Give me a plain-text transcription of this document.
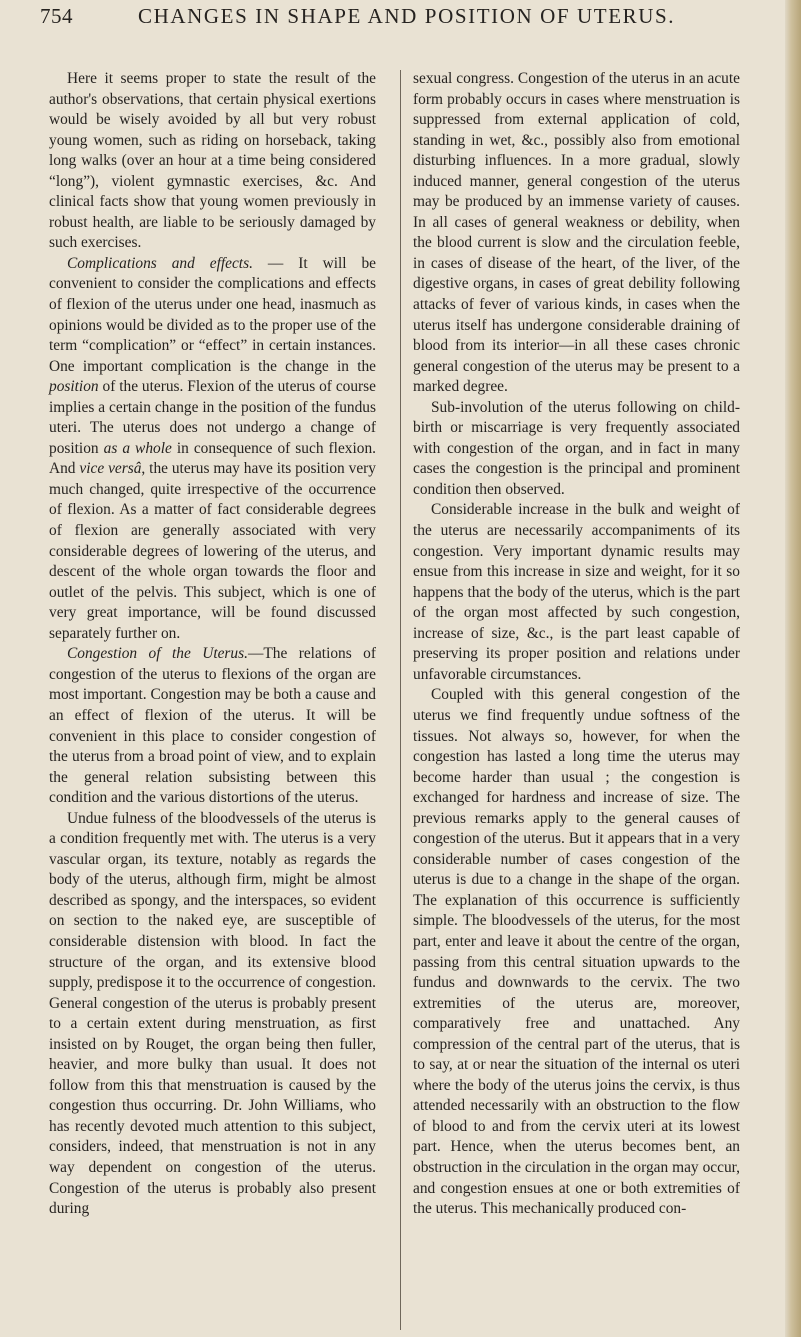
754	CHANGES IN SHAPE AND POSITION OF UTERUS.

Here it seems proper to state the result of the author's observations, that certain physical exertions would be wisely avoided by all but very robust young women, such as riding on horseback, taking long walks (over an hour at a time being considered “long”), violent gymnastic exercises, &c. And clinical facts show that young women previously in robust health, are liable to be seriously damaged by such exercises.

Complications and effects. — It will be convenient to consider the complications and effects of flexion of the uterus under one head, inasmuch as opinions would be divided as to the proper use of the term “complication” or “effect” in certain instances. One important complication is the change in the position of the uterus. Flexion of the uterus of course implies a certain change in the position of the fundus uteri. The uterus does not undergo a change of position as a whole in consequence of such flexion. And vice versâ, the uterus may have its position very much changed, quite irrespective of the occurrence of flexion. As a matter of fact considerable degrees of flexion are generally associated with very considerable degrees of lowering of the uterus, and descent of the whole organ towards the floor and outlet of the pelvis. This subject, which is one of very great importance, will be found discussed separately further on.

Congestion of the Uterus.—The relations of congestion of the uterus to flexions of the organ are most important. Congestion may be both a cause and an effect of flexion of the uterus. It will be convenient in this place to consider congestion of the uterus from a broad point of view, and to explain the general relation subsisting between this condition and the various distortions of the uterus.

Undue fulness of the bloodvessels of the uterus is a condition frequently met with. The uterus is a very vascular organ, its texture, notably as regards the body of the uterus, although firm, might be almost described as spongy, and the interspaces, so evident on section to the naked eye, are susceptible of considerable distension with blood. In fact the structure of the organ, and its extensive blood supply, predispose it to the occurrence of congestion. General congestion of the uterus is probably present to a certain extent during menstruation, as first insisted on by Rouget, the organ being then fuller, heavier, and more bulky than usual. It does not follow from this that menstruation is caused by the congestion thus occurring. Dr. John Williams, who has recently devoted much attention to this subject, considers, indeed, that menstruation is not in any way dependent on congestion of the uterus. Congestion of the uterus is probably also present during

sexual congress. Congestion of the uterus in an acute form probably occurs in cases where menstruation is suppressed from external application of cold, standing in wet, &c., possibly also from emotional disturbing influences. In a more gradual, slowly induced manner, general congestion of the uterus may be produced by an immense variety of causes. In all cases of general weakness or debility, when the blood current is slow and the circulation feeble, in cases of disease of the heart, of the liver, of the digestive organs, in cases of great debility following attacks of fever of various kinds, in cases when the uterus itself has undergone considerable draining of blood from its interior—in all these cases chronic general congestion of the uterus may be present to a marked degree.

Sub-involution of the uterus following on child-birth or miscarriage is very frequently associated with congestion of the organ, and in fact in many cases the congestion is the principal and prominent condition then observed.

Considerable increase in the bulk and weight of the uterus are necessarily accompaniments of its congestion. Very important dynamic results may ensue from this increase in size and weight, for it so happens that the body of the uterus, which is the part of the organ most affected by such congestion, increase of size, &c., is the part least capable of preserving its proper position and relations under unfavorable circumstances.

Coupled with this general congestion of the uterus we find frequently undue softness of the tissues. Not always so, however, for when the congestion has lasted a long time the uterus may become harder than usual ; the congestion is exchanged for hardness and increase of size. The previous remarks apply to the general causes of congestion of the uterus. But it appears that in a very considerable number of cases congestion of the uterus is due to a change in the shape of the organ. The explanation of this occurrence is sufficiently simple. The bloodvessels of the uterus, for the most part, enter and leave it about the centre of the organ, passing from this central situation upwards to the fundus and downwards to the cervix. The two extremities of the uterus are, moreover, comparatively free and unattached. Any compression of the central part of the uterus, that is to say, at or near the situation of the internal os uteri where the body of the uterus joins the cervix, is thus attended necessarily with an obstruction to the flow of blood to and from the cervix uteri at its lowest part. Hence, when the uterus becomes bent, an obstruction in the circulation in the organ may occur, and congestion ensues at one or both extremities of the uterus. This mechanically produced con-
